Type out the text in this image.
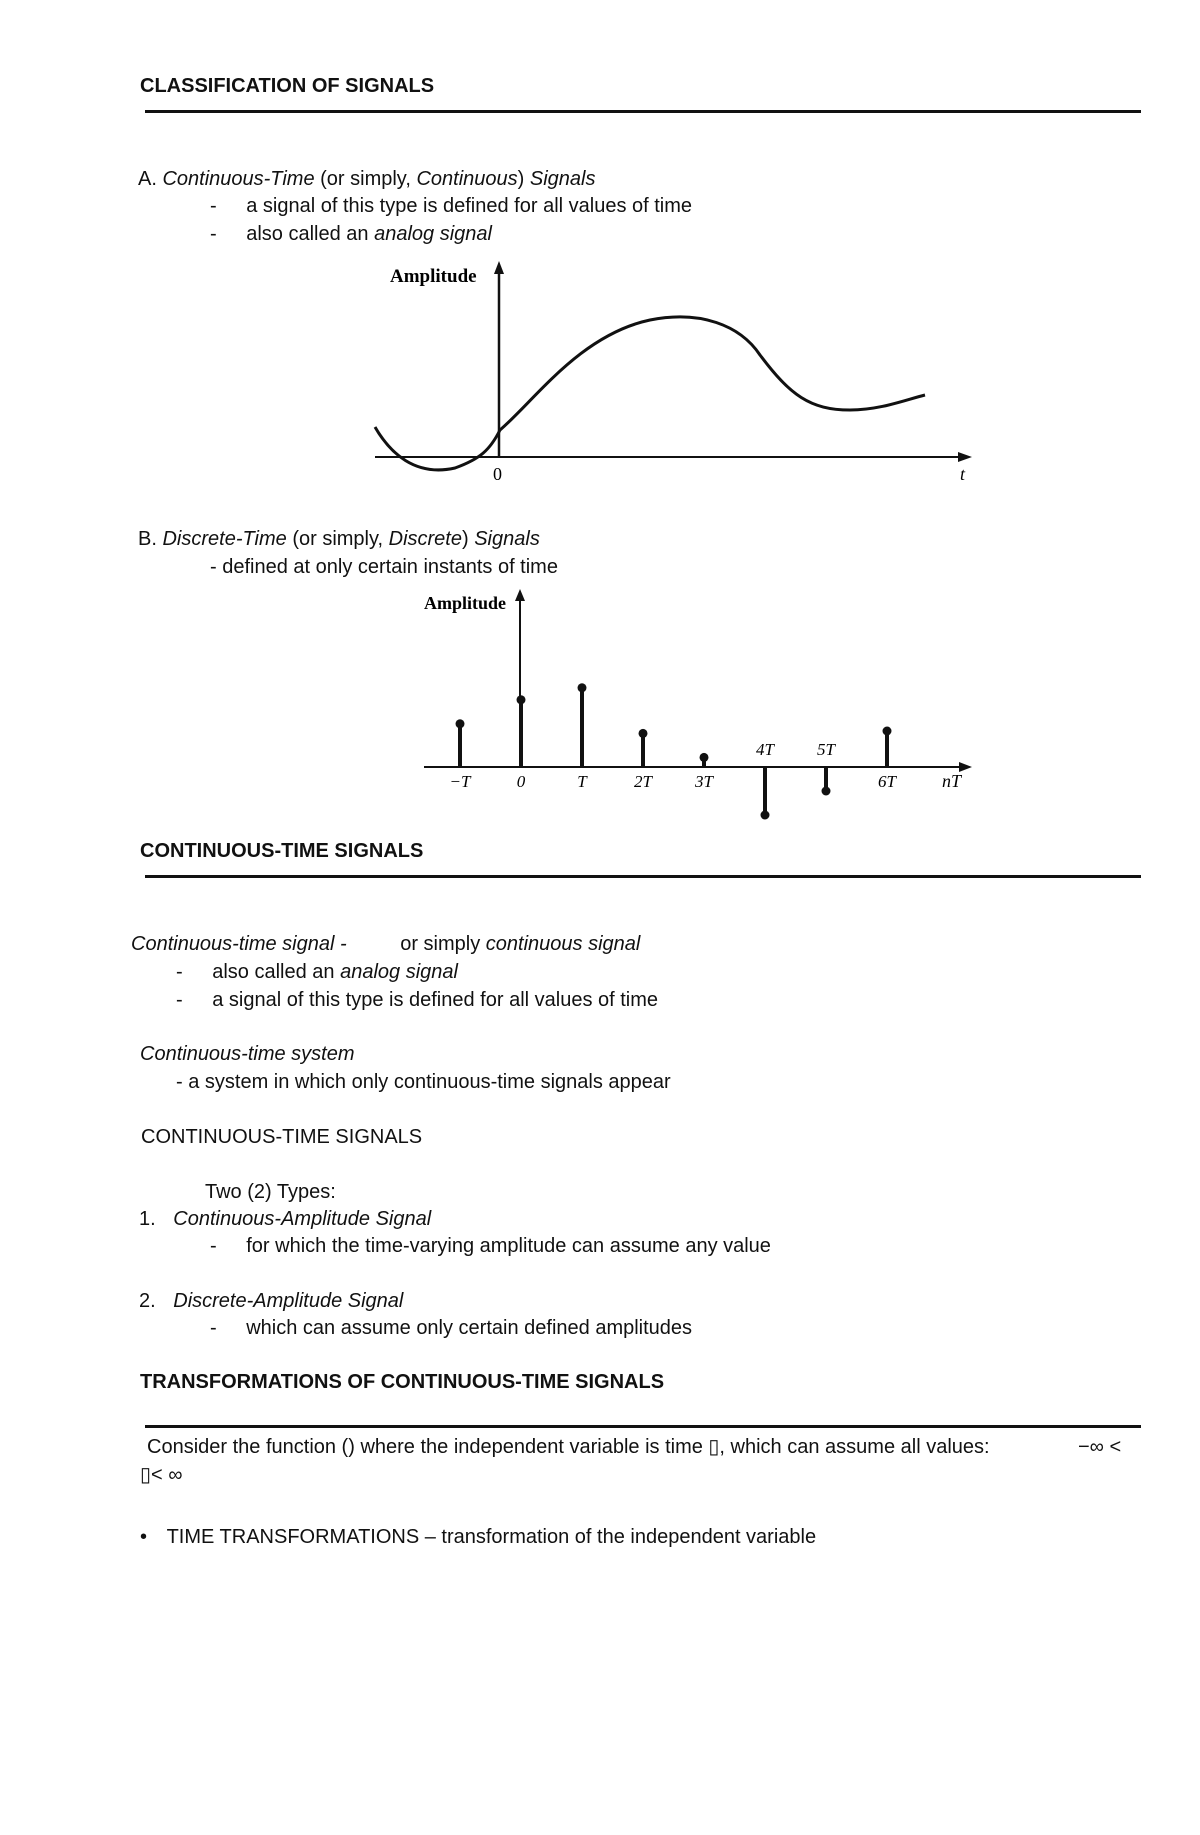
CLASSIFICATION OF SIGNALS
A. Continuous-Time (or simply, Continuous) Signals
- a signal of this type is defined for all values of time
- also called an analog signal
Amplitude
0	t
B. Discrete-Time (or simply, Discrete) Signals
- defined at only certain instants of time
Amplitude
nT
−T	0	T	2T	3T
4T	5T
6T
CONTINUOUS-TIME SIGNALS
Continuous-time signal -	or simply continuous signal
- also called an analog signal
- a signal of this type is defined for all values of time
Continuous-time system
- a system in which only continuous-time signals appear
CONTINUOUS-TIME SIGNALS
Two (2) Types:
1. Continuous-Amplitude Signal
- for which the time-varying amplitude can assume any value
2. Discrete-Amplitude Signal
- which can assume only certain defined amplitudes
TRANSFORMATIONS OF CONTINUOUS-TIME SIGNALS
Consider the function () where the independent variable is time ▯, which can assume all values:	−∞ <
▯< ∞
• TIME TRANSFORMATIONS – transformation of the independent variable
